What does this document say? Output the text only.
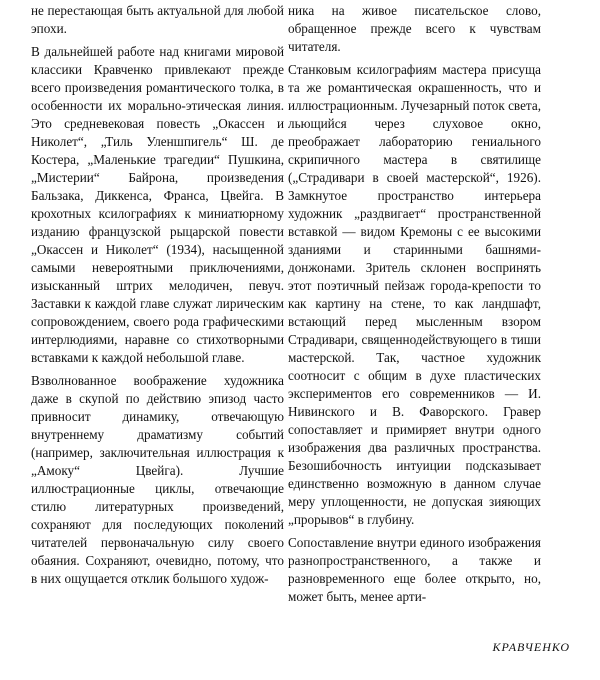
не перестающая быть актуальной для любой эпохи.

В дальнейшей работе над книгами мировой классики Кравченко привлекают прежде всего произведения романтического толка, в особенности их морально-этическая линия. Это средневековая повесть „Окассен и Николет“, „Тиль Уленшпигель“ Ш. де Костера, „Маленькие трагедии“ Пушкина, „Мистерии“ Байрона, произведения Бальзака, Диккенса, Франса, Цвейга. В крохотных ксилографиях к миниатюрному изданию французской рыцарской повести „Окассен и Николет“ (1934), насыщенной самыми невероятными приключениями, изысканный штрих мелодичен, певуч. Заставки к каждой главе служат лирическим сопровождением, своего рода графическими интерлюдиями, наравне со стихотворными вставками к каждой небольшой главе.

Взволнованное воображение художника даже в скупой по действию эпизод часто привносит динамику, отвечающую внутреннему драматизму событий (например, заключительная иллюстрация к „Амоку“ Цвейга). Лучшие иллюстрационные циклы, отвечающие стилю литературных произведений, сохраняют для последующих поколений читателей первоначальную силу своего обаяния. Сохраняют, очевидно, потому, что в них ощущается отклик большого худож-

ника на живое писательское слово, обращенное прежде всего к чувствам читателя.

Станковым ксилографиям мастера присуща та же романтическая окрашенность, что и иллюстрационным. Лучезарный поток света, льющийся через слуховое окно, преображает лабораторию гениального скрипичного мастера в святилище („Страдивари в своей мастерской“, 1926). Замкнутое пространство интерьера художник „раздвигает“ пространственной вставкой — видом Кремоны с ее высокими зданиями и старинными башнями-донжонами. Зритель склонен воспринять этот поэтичный пейзаж города-крепости то как картину на стене, то как ландшафт, встающий перед мысленным взором Страдивари, священнодействующего в тиши мастерской. Так, частное художник соотносит с общим в духе пластических экспериментов его современников — И. Нивинского и В. Фаворского. Гравер сопоставляет и примиряет внутри одного изображения два различных пространства. Безошибочность интуиции подсказывает единственно возможную в данном случае меру уплощенности, не допуская зияющих „прорывов“ в глубину.

Сопоставление внутри единого изображения разнопространственного, а также и разновременного еще более открыто, но, может быть, менее арти-

КРАВЧЕНКО
